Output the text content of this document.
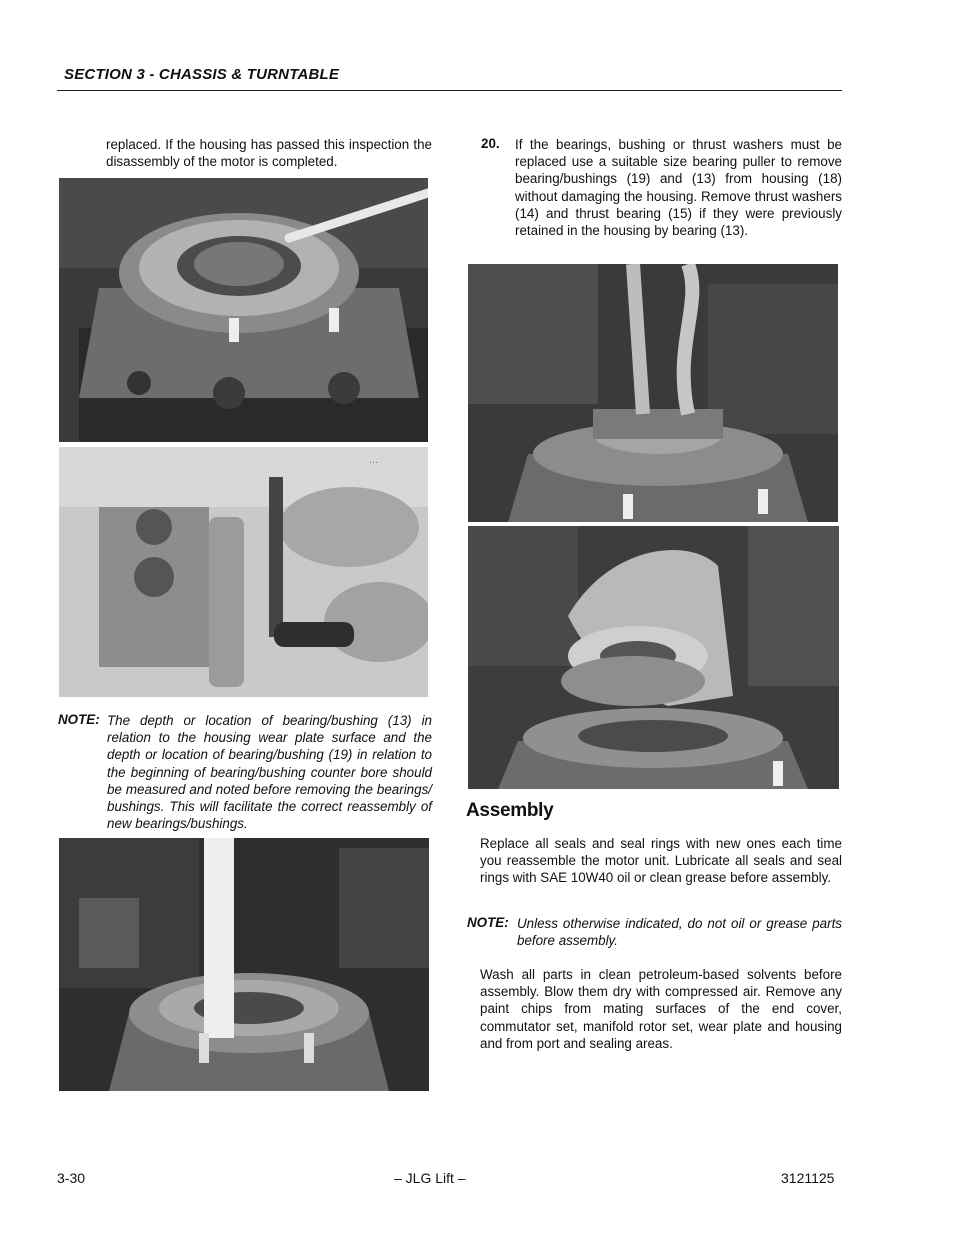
SECTION 3 - CHASSIS & TURNTABLE
replaced. If the housing has passed this inspection the disassembly of the motor is completed.
...
NOTE: The depth or location of bearing/bushing (13) in relation to the housing wear plate surface and the depth or location of bearing/bushing (19) in relation to the beginning of bearing/bushing counter bore should be measured and noted before removing the bearings/ bushings. This will facilitate the correct reassembly of new bearings/bushings.
20. If the bearings, bushing or thrust washers must be replaced use a suitable size bearing puller to remove bearing/bushings (19) and (13) from housing (18) without damaging the housing. Remove thrust washers (14) and thrust bearing (15) if they were previously retained in the housing by bearing (13).
Assembly
Replace all seals and seal rings with new ones each time you reassemble the motor unit. Lubricate all seals and seal rings with SAE 10W40 oil or clean grease before assembly.
NOTE: Unless otherwise indicated, do not oil or grease parts before assembly.
Wash all parts in clean petroleum-based solvents before assembly. Blow them dry with compressed air. Remove any paint chips from mating surfaces of the end cover, commutator set, manifold rotor set, wear plate and housing and from port and sealing areas.
3-30	– JLG Lift –	3121125
